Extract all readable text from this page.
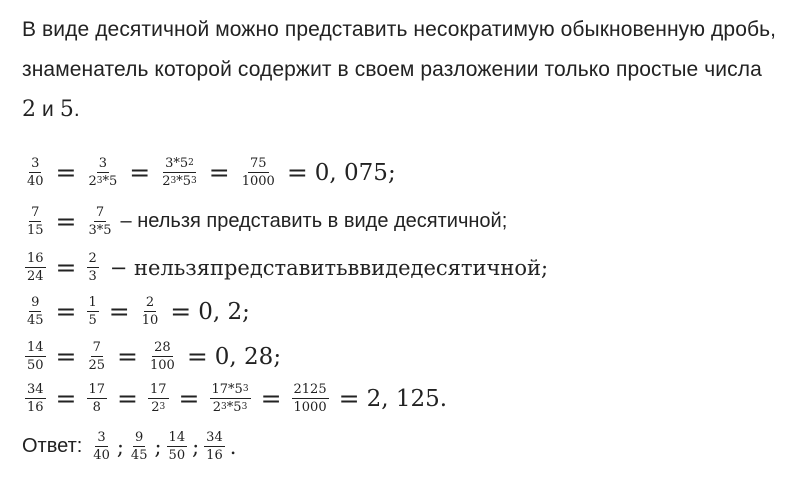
В виде десятичной можно представить несократимую обыкновенную дробь,
знаменатель которой содержит в своем разложении только простые числа
2 и 5.
$\frac{3}{40} = \frac{3}{2^3*5} = \frac{3*5^2}{2^3*5^3} = \frac{75}{1000} = 0$, 075 ;
$\frac{7}{15} = \frac{7}{3*5}$ – нельзя представить в виде десятичной;
$\frac{16}{24} = \frac{2}{3}$ − нельзяпредставитьввидедесятичной;
$\frac{9}{45} = \frac{1}{5} = \frac{2}{10} = 0$, 2 ;
$\frac{14}{50} = \frac{7}{25} = \frac{28}{100} = 0$, 28 ;
$\frac{34}{16} = \frac{17}{8} = \frac{17}{2^3} = \frac{17*5^3}{2^3*5^3} = \frac{2125}{1000} = 2$, 125 .
Ответ: $\frac{3}{40}$ ; $\frac{9}{45}$ ; $\frac{14}{50}$ ; $\frac{34}{16}$ .
